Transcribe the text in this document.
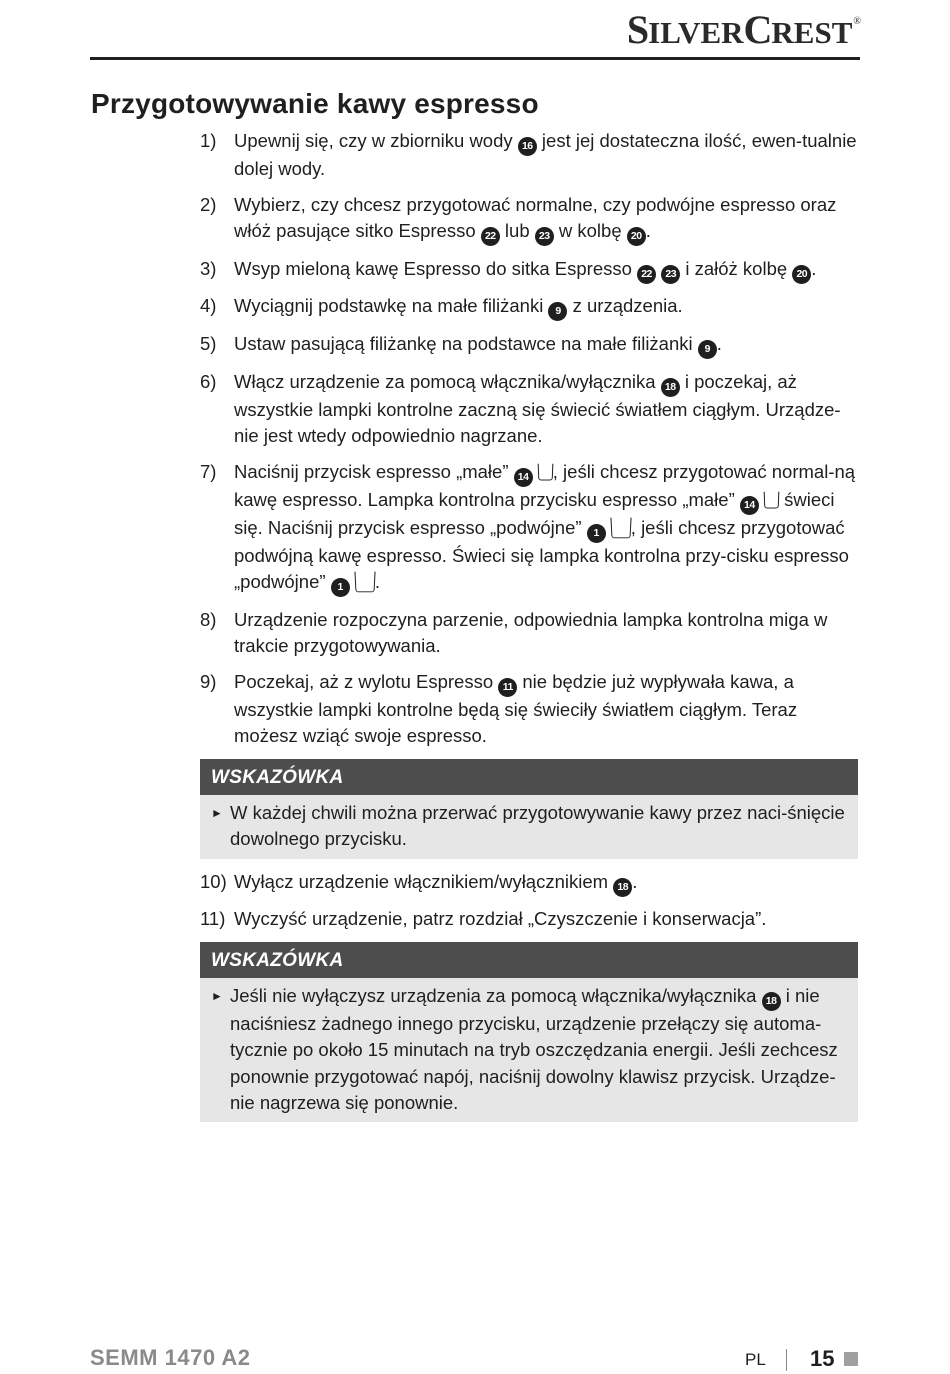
SILVERCREST®
Przygotowywanie kawy espresso
1) Upewnij się, czy w zbiorniku wody 16 jest jej dostateczna ilość, ewen-tualnie dolej wody.
2) Wybierz, czy chcesz przygotować normalne, czy podwójne espresso oraz włóż pasujące sitko Espresso 22 lub 23 w kolbę 20 .
3) Wsyp mieloną kawę Espresso do sitka Espresso 22 23 i załóż kolbę 20 .
4) Wyciągnij podstawkę na małe filiżanki 9 z urządzenia.
5) Ustaw pasującą filiżankę na podstawce na małe filiżanki 9 .
6) Włącz urządzenie za pomocą włącznika/wyłącznika 18 i poczekaj, aż wszystkie lampki kontrolne zaczną się świecić światłem ciągłym. Urządze-nie jest wtedy odpowiednio nagrzane.
7) Naciśnij przycisk espresso „małe” 14 , jeśli chcesz przygotować normal-ną kawę espresso. Lampka kontrolna przycisku espresso „małe” 14  świeci się. Naciśnij przycisk espresso „podwójne” 1 , jeśli chcesz przygotować podwójną kawę espresso. Świeci się lampka kontrolna przy-cisku espresso „podwójne” 1 .
8) Urządzenie rozpoczyna parzenie, odpowiednia lampka kontrolna miga w trakcie przygotowywania.
9) Poczekaj, aż z wylotu Espresso 11 nie będzie już wypływała kawa, a wszystkie lampki kontrolne będą się świeciły światłem ciągłym. Teraz możesz wziąć swoje espresso.
WSKAZÓWKA
► W każdej chwili można przerwać przygotowywanie kawy przez naci-śnięcie dowolnego przycisku.
10) Wyłącz urządzenie włącznikiem/wyłącznikiem 18 .
11) Wyczyść urządzenie, patrz rozdział „Czyszczenie i konserwacja”.
WSKAZÓWKA
► Jeśli nie wyłączysz urządzenia za pomocą włącznika/wyłącznika 18 i nie naciśniesz żadnego innego przycisku, urządzenie przełączy się automa-tycznie po około 15 minutach na tryb oszczędzania energii. Jeśli zechcesz ponownie przygotować napój, naciśnij dowolny klawisz przycisk. Urządze-nie nagrzewa się ponownie.
SEMM 1470 A2	PL 15
